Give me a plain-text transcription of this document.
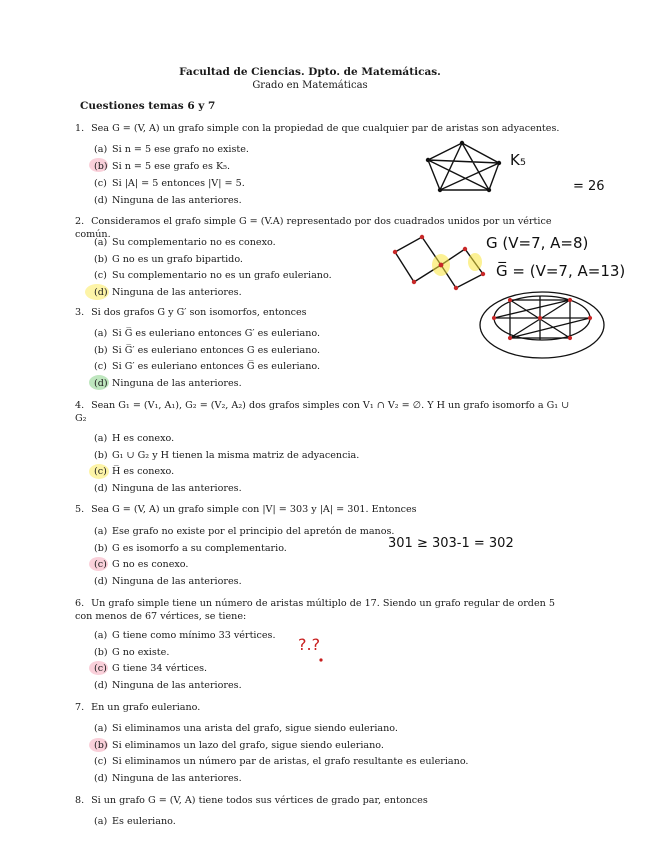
Facultad de Ciencias. Dpto. de Matemáticas.
Grado en Matemáticas
Cuestiones temas 6 y 7
1. Sea G = (V, A) un grafo simple con la propiedad de que cualquier par de aristas son adyacentes.
(a) Si n = 5 ese grafo no existe.
(b) Si n = 5 ese grafo es K₅.
(c) Si |A| = 5 entonces |V| = 5.
(d) Ninguna de las anteriores.
2. Consideramos el grafo simple G = (V.A) representado por dos cuadrados unidos por un vértice común.
(a) Su complementario no es conexo.
(b) G no es un grafo bipartido.
(c) Su complementario no es un grafo euleriano.
(d) Ninguna de las anteriores.
3. Si dos grafos G y G′ son isomorfos, entonces
(a) Si G̅ es euleriano entonces G′ es euleriano.
(b) Si G̅′ es euleriano entonces G es euleriano.
(c) Si G′ es euleriano entonces G̅ es euleriano.
(d) Ninguna de las anteriores.
4. Sean G₁ = (V₁, A₁), G₂ = (V₂, A₂) dos grafos simples con V₁ ∩ V₂ = ∅. Y H un grafo isomorfo a G₁ ∪ G₂
(a) H es conexo.
(b) G₁ ∪ G₂ y H tienen la misma matriz de adyacencia.
(c) H̅ es conexo.
(d) Ninguna de las anteriores.
5. Sea G = (V, A) un grafo simple con |V| = 303 y |A| = 301. Entonces
(a) Ese grafo no existe por el principio del apretón de manos.
(b) G es isomorfo a su complementario.
(c) G no es conexo.
(d) Ninguna de las anteriores.
6. Un grafo simple tiene un número de aristas múltiplo de 17. Siendo un grafo regular de orden 5 con menos de 67 vértices, se tiene:
(a) G tiene como mínimo 33 vértices.
(b) G no existe.
(c) G tiene 34 vértices.
(d) Ninguna de las anteriores.
7. En un grafo euleriano.
(a) Si eliminamos una arista del grafo, sigue siendo euleriano.
(b) Si eliminamos un lazo del grafo, sigue siendo euleriano.
(c) Si eliminamos un número par de aristas, el grafo resultante es euleriano.
(d) Ninguna de las anteriores.
8. Si un grafo G = (V, A) tiene todos sus vértices de grado par, entonces
(a) Es euleriano.
K₅
= 26
G (V=7, A=8)
G̅ = (V=7, A=13)
301 ≥ 303-1 = 302
?.?
